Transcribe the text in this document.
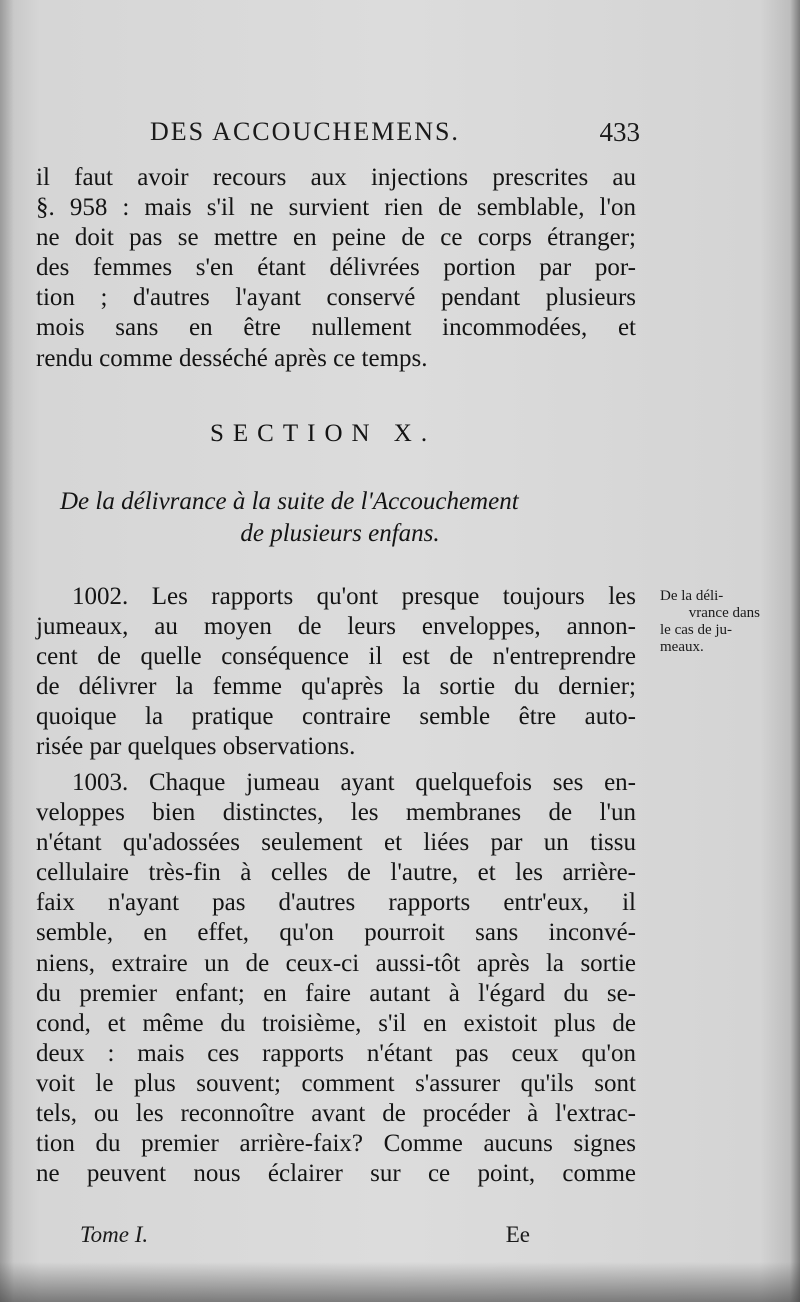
DES ACCOUCHEMENS.	433
il faut avoir recours aux injections prescrites au
§. 958 : mais s'il ne survient rien de semblable, l'on
ne doit pas se mettre en peine de ce corps étranger;
des femmes s'en étant délivrées portion par por-
tion ; d'autres l'ayant conservé pendant plusieurs
mois sans en être nullement incommodées, et
rendu comme desséché après ce temps.
SECTION X.
De la délivrance à la suite de l'Accouchement
de plusieurs enfans.
De la déli-
vrance dans
le cas de ju-
meaux.
1002. Les rapports qu'ont presque toujours les
jumeaux, au moyen de leurs enveloppes, annon-
cent de quelle conséquence il est de n'entreprendre
de délivrer la femme qu'après la sortie du dernier;
quoique la pratique contraire semble être auto-
risée par quelques observations.
1003. Chaque jumeau ayant quelquefois ses en-
veloppes bien distinctes, les membranes de l'un
n'étant qu'adossées seulement et liées par un tissu
cellulaire très-fin à celles de l'autre, et les arrière-
faix n'ayant pas d'autres rapports entr'eux, il
semble, en effet, qu'on pourroit sans inconvé-
niens, extraire un de ceux-ci aussi-tôt après la sortie
du premier enfant; en faire autant à l'égard du se-
cond, et même du troisième, s'il en existoit plus de
deux : mais ces rapports n'étant pas ceux qu'on
voit le plus souvent; comment s'assurer qu'ils sont
tels, ou les reconnoître avant de procéder à l'extrac-
tion du premier arrière-faix? Comme aucuns signes
ne peuvent nous éclairer sur ce point, comme
Tome I.	Ee
